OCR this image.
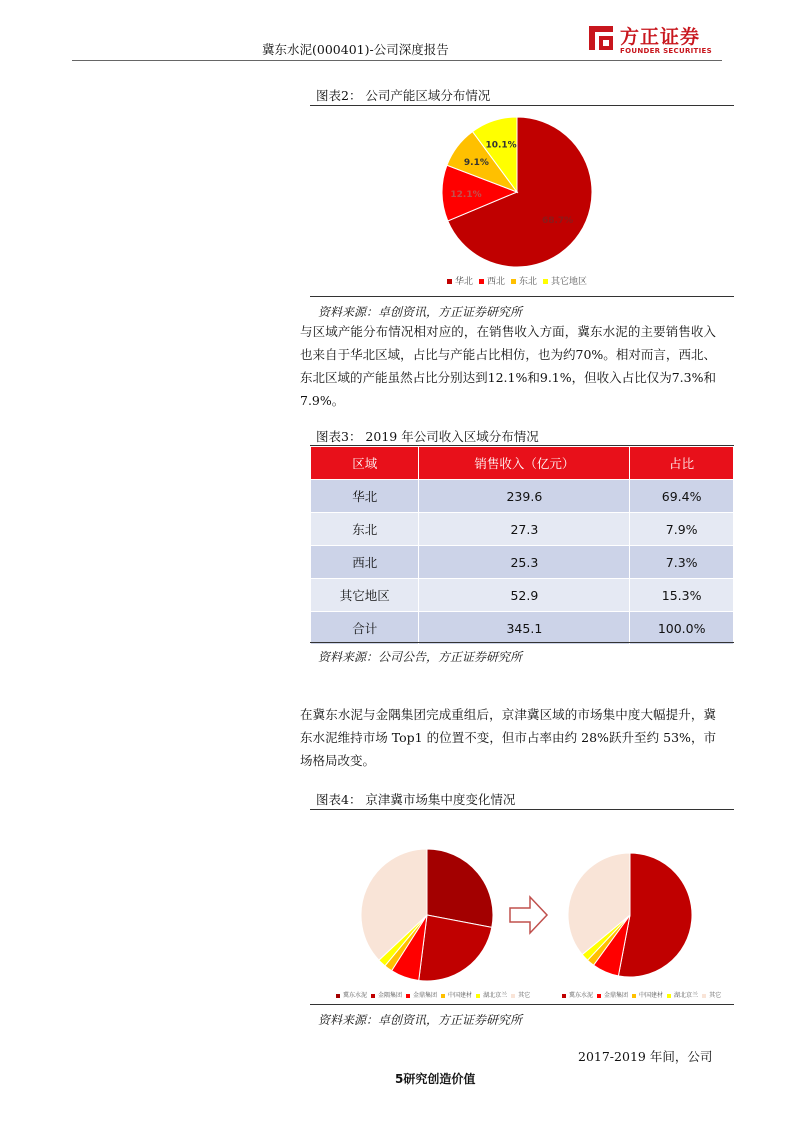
冀东水泥(000401)-公司深度报告
方正证券
FOUNDER SECURITIES
图表2： 公司产能区域分布情况
68.7%
12.1%
9.1%
10.1%
华北 西北 东北 其它地区
资料来源：卓创资讯，方正证券研究所
与区域产能分布情况相对应的，在销售收入方面，冀东水泥的主要销售收入也来自于华北区域，占比与产能占比相仿，也为约70%。相对而言，西北、东北区域的产能虽然占比分别达到12.1%和9.1%，但收入占比仅为7.3%和7.9%。
图表3： 2019 年公司收入区域分布情况
区域	销售收入（亿元）	占比
华北	239.6	69.4%
东北	27.3	7.9%
西北	25.3	7.3%
其它地区	52.9	15.3%
合计	345.1	100.0%
资料来源：公司公告，方正证券研究所
在冀东水泥与金隅集团完成重组后，京津冀区域的市场集中度大幅提升，冀东水泥维持市场 Top1 的位置不变，但市占率由约 28%跃升至约 53%，市场格局改变。
图表4： 京津冀市场集中度变化情况
冀东水泥 金隅集团 金鼎集团 中国建材 湖北京兰 其它	冀东水泥 金鼎集团 中国建材 湖北京兰 其它
资料来源：卓创资讯，方正证券研究所
2017-2019 年间，公司
5研究创造价值
